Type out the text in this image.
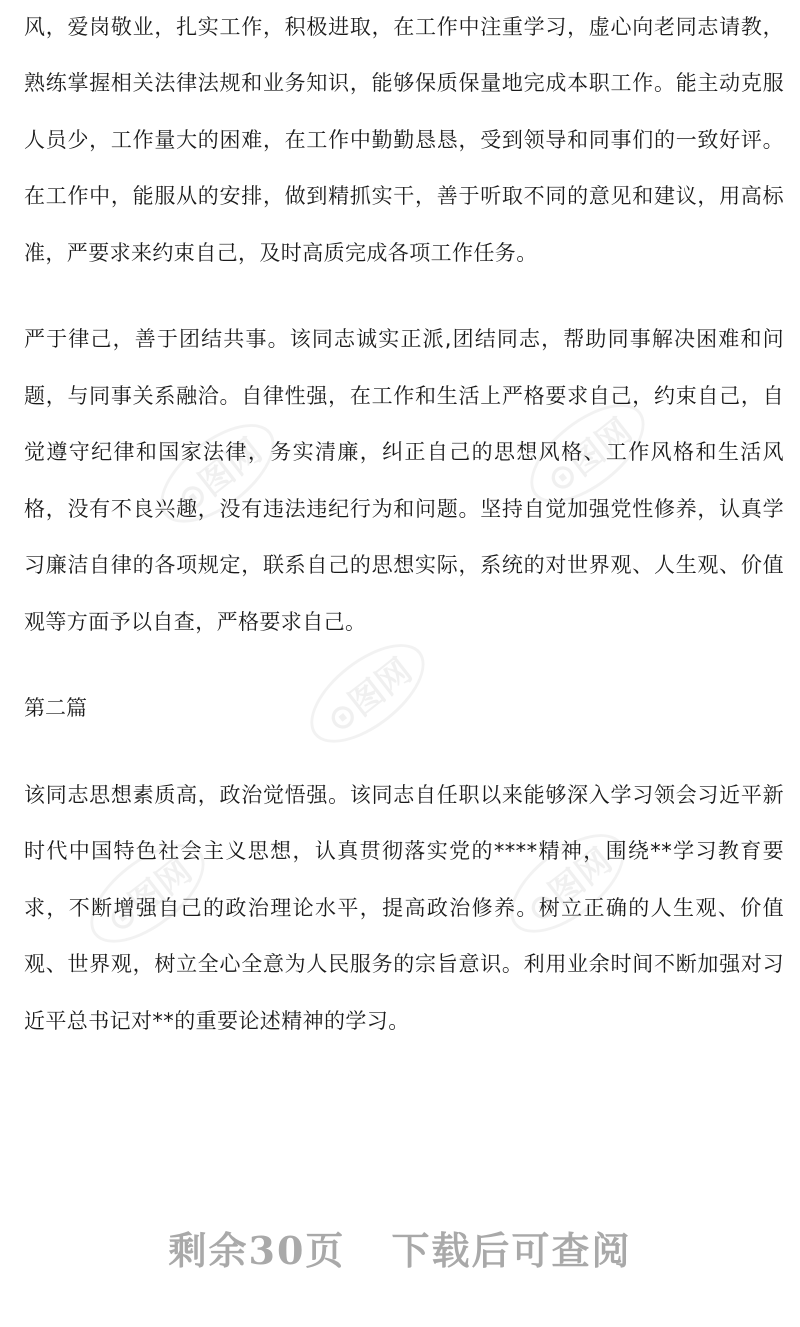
⊙图网	⊙图网
⊙图网
⊙图网	⊙图网

风，爱岗敬业，扎实工作，积极进取，在工作中注重学习，虚心向老同志请教，熟练掌握相关法律法规和业务知识，能够保质保量地完成本职工作。能主动克服人员少，工作量大的困难，在工作中勤勤恳恳，受到领导和同事们的一致好评。在工作中，能服从的安排，做到精抓实干，善于听取不同的意见和建议，用高标准，严要求来约束自己，及时高质完成各项工作任务。

严于律己，善于团结共事。该同志诚实正派,团结同志，帮助同事解决困难和问题，与同事关系融洽。自律性强，在工作和生活上严格要求自己，约束自己，自觉遵守纪律和国家法律，务实清廉，纠正自己的思想风格、工作风格和生活风格，没有不良兴趣，没有违法违纪行为和问题。坚持自觉加强党性修养，认真学习廉洁自律的各项规定，联系自己的思想实际，系统的对世界观、人生观、价值观等方面予以自查，严格要求自己。

第二篇

该同志思想素质高，政治觉悟强。该同志自任职以来能够深入学习领会习近平新时代中国特色社会主义思想，认真贯彻落实党的****精神，围绕**学习教育要求，不断增强自己的政治理论水平，提高政治修养。树立正确的人生观、价值观、世界观，树立全心全意为人民服务的宗旨意识。利用业余时间不断加强对习近平总书记对**的重要论述精神的学习。

剩余30页 下载后可查阅
